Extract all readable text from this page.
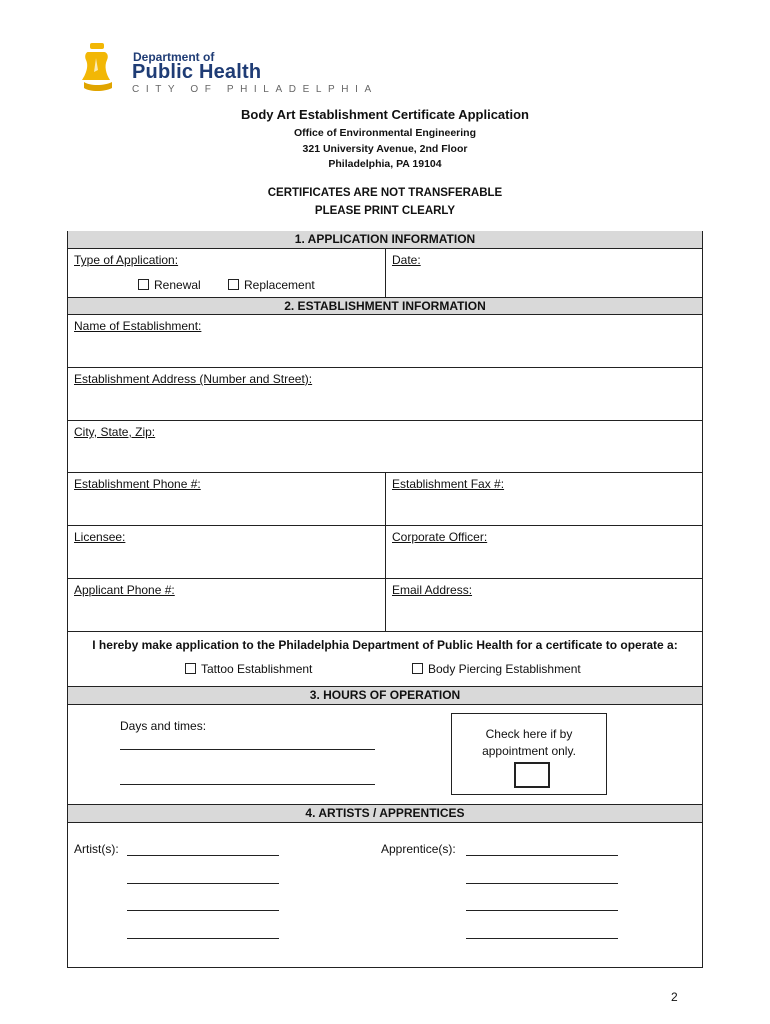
Department of
Public Health
CITY OF PHILADELPHIA
Body Art Establishment Certificate Application
Office of Environmental Engineering
321 University Avenue, 2nd Floor
Philadelphia, PA 19104
CERTIFICATES ARE NOT TRANSFERABLE
PLEASE PRINT CLEARLY
1. APPLICATION INFORMATION
Type of Application:
Renewal	Replacement
Date:
2. ESTABLISHMENT INFORMATION
Name of Establishment:
Establishment Address (Number and Street):
City, State, Zip:
Establishment Phone #:	Establishment Fax #:
Licensee:	Corporate Officer:
Applicant Phone #:	Email Address:
I hereby make application to the Philadelphia Department of Public Health for a certificate to operate a:
Tattoo Establishment	Body Piercing Establishment
3. HOURS OF OPERATION
Days and times:
Check here if by
appointment only.
4. ARTISTS / APPRENTICES
Artist(s):	Apprentice(s):
2
